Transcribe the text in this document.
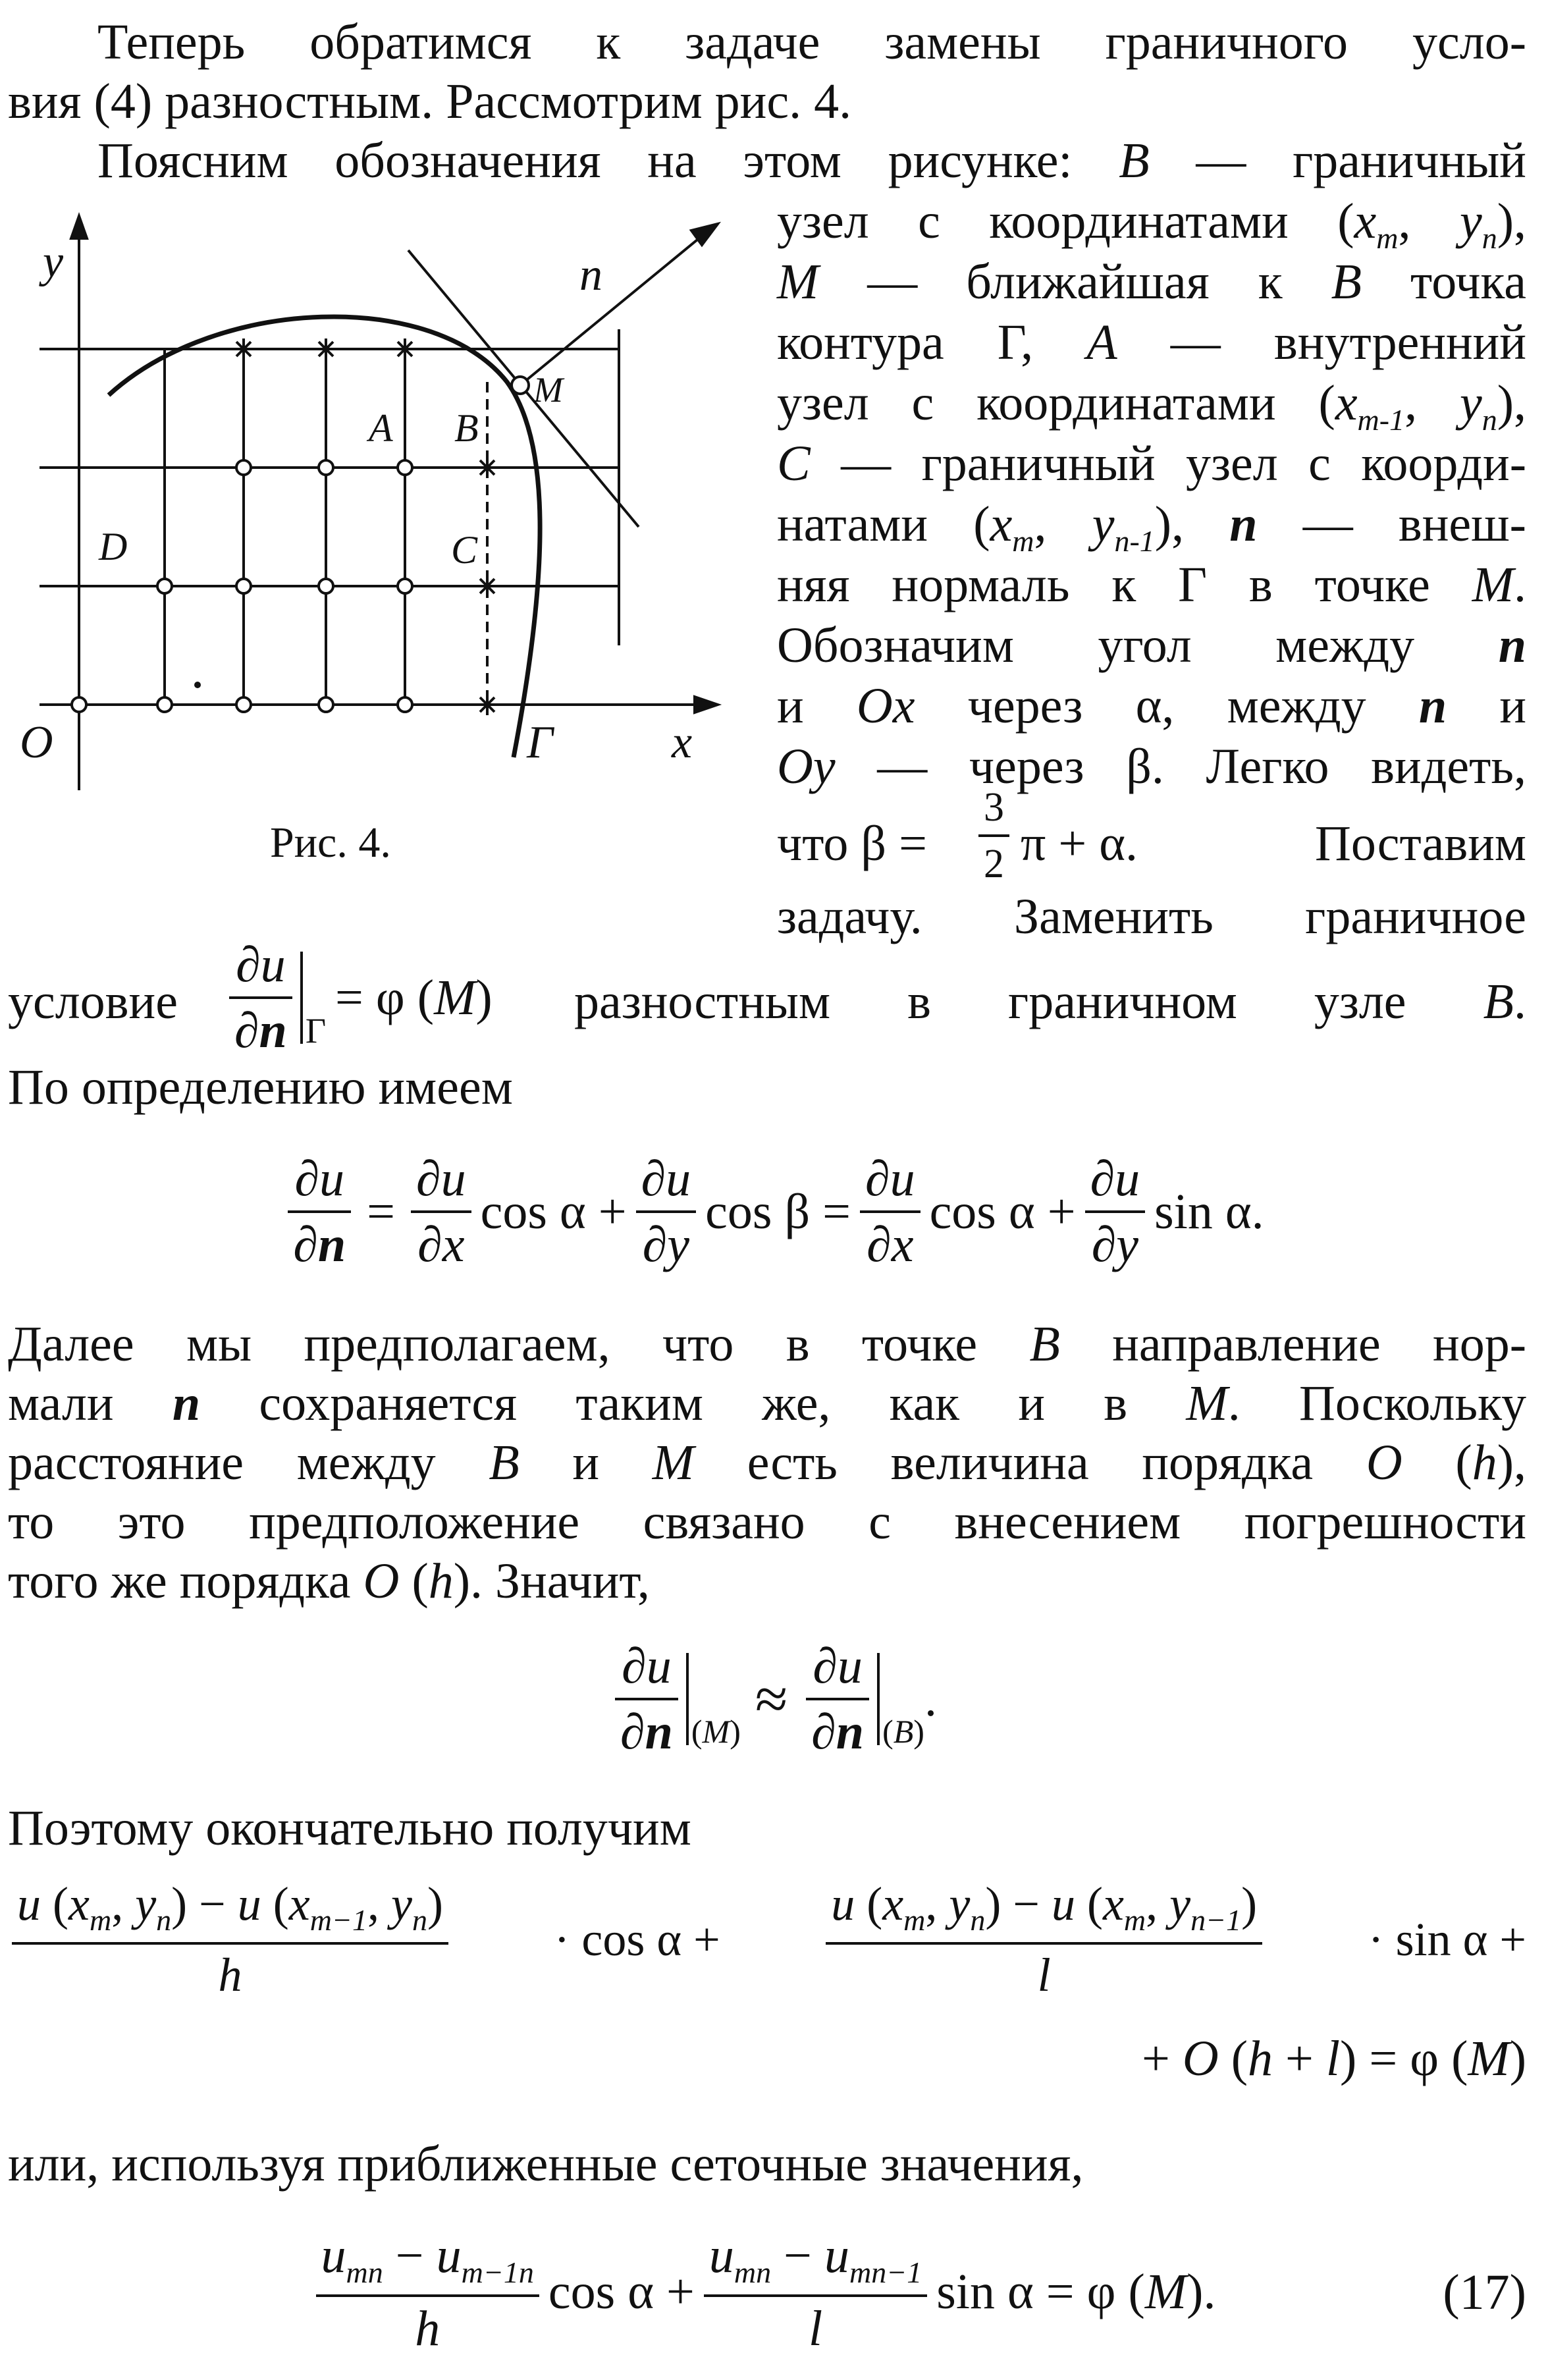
Теперь обратимся к задаче замены граничного усло-
вия (4) разностным. Рассмотрим рис. 4.
Поясним обозначения на этом рисунке: B — граничный
y
x
O
n
M
A B
C
D
Г
Рис. 4.
узел с координатами ($x_m$, $y_n$),
M — ближайшая к B точка
контура Г, A — внутренний
узел с координатами ($x_{m-1}$, $y_n$),
C — граничный узел с коорди-
натами ($x_m$, $y_{n-1}$), n — внеш-
няя нормаль к Г в точке M.
Обозначим угол между n
и Ox через α, между n и
Oy — через β. Легко видеть,
что $\beta = \frac{3}{2}$ π + α.	Поставим
задачу. Заменить граничное
условие $\frac{\partial u}{\partial n}$ Г
= φ (M) разностным в граничном узле B.
По определению имеем
$\frac{\partial u}{\partial n} = \frac{\partial u}{\partial x}$ $\cos \alpha + \frac{\partial u}{\partial y}$ $\cos \beta = \frac{\partial u}{\partial x}$ $\cos \alpha + \frac{\partial u}{\partial y}$ sin α.
Далее мы предполагаем, что в точке B направление нор-
мали n сохраняется таким же, как и в M. Поскольку
расстояние между B и M есть величина порядка O (h),
то это предположение связано с внесением погрешности
того же порядка O (h). Значит,
$\frac{\partial u}{\partial n} (M) \approx \frac{\partial u}{\partial n} (B)$
.
Поэтому окончательно получим
$\frac{u (x_m, y_n) - u (x_{m-1}, y_n)}{h} \cdot \cos \alpha + \frac{u (x_m, y_n) - u (x_m, y_{n-1})}{l} \cdot \sin \alpha$ +
+ O (h + l) = φ (M)
или, используя приближенные сеточные значения,
$\frac{u_{mn} - u_{m-1n}}{h}$ $\cos \alpha + \frac{u_{mn} - u_{mn-1}}{l}$ sin α = φ (M).	(17)
